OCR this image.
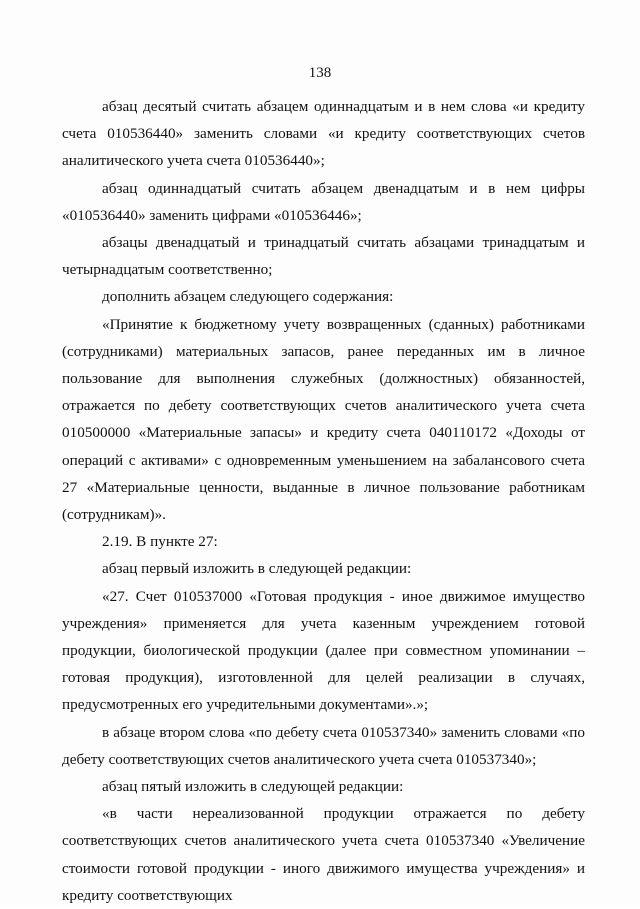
138

абзац десятый считать абзацем одиннадцатым и в нем слова «и кредиту счета 010536440» заменить словами «и кредиту соответствующих счетов аналитического учета счета 010536440»;

абзац одиннадцатый считать абзацем двенадцатым и в нем цифры «010536440» заменить цифрами «010536446»;

абзацы двенадцатый и тринадцатый считать абзацами тринадцатым и четырнадцатым соответственно;

дополнить абзацем следующего содержания:

«Принятие к бюджетному учету возвращенных (сданных) работниками (сотрудниками) материальных запасов, ранее переданных им в личное пользование для выполнения служебных (должностных) обязанностей, отражается по дебету соответствующих счетов аналитического учета счета 010500000 «Материальные запасы» и кредиту счета 040110172 «Доходы от операций с активами» с одновременным уменьшением на забалансового счета 27 «Материальные ценности, выданные в личное пользование работникам (сотрудникам)».

2.19. В пункте 27:

абзац первый изложить в следующей редакции:

«27. Счет 010537000 «Готовая продукция - иное движимое имущество учреждения» применяется для учета казенным учреждением готовой продукции, биологической продукции (далее при совместном упоминании – готовая продукция), изготовленной для целей реализации в случаях, предусмотренных его учредительными документами».»;

в абзаце втором слова «по дебету счета 010537340» заменить словами «по дебету соответствующих счетов аналитического учета счета 010537340»;

абзац пятый изложить в следующей редакции:

«в части нереализованной продукции отражается по дебету соответствующих счетов аналитического учета счета 010537340 «Увеличение стоимости готовой продукции - иного движимого имущества учреждения» и кредиту соответствующих
